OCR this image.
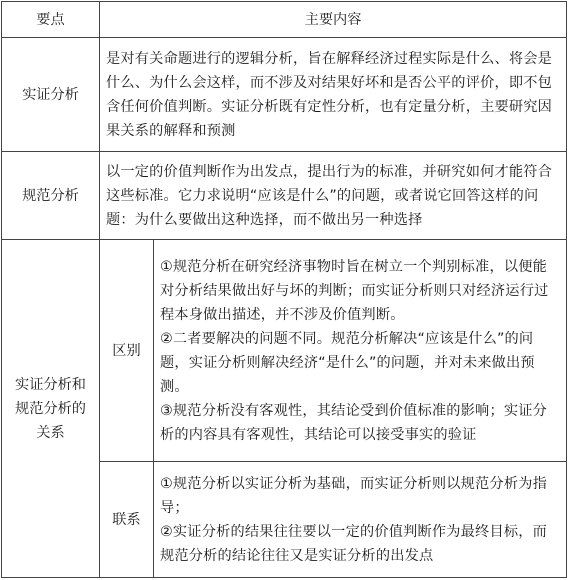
要点	主要内容	
实证分析	是对有关命题进行的逻辑分析，旨在解释经济过程实际是什么、将会是什么、为什么会这样，而不涉及对结果好坏和是否公平的评价，即不包含任何价值判断。实证分析既有定性分析，也有定量分析，主要研究因果关系的解释和预测	
规范分析	以一定的价值判断作为出发点，提出行为的标准，并研究如何才能符合这些标准。它力求说明“应该是什么”的问题，或者说它回答这样的问题：为什么要做出这种选择，而不做出另一种选择	
实证分析和规范分析的关系	区别	①规范分析在研究经济事物时旨在树立一个判别标准，以便能对分析结果做出好与坏的判断；而实证分析则只对经济运行过程本身做出描述，并不涉及价值判断。
②二者要解决的问题不同。规范分析解决“应该是什么”的问题，实证分析则解决经济“是什么”的问题，并对未来做出预测。
③规范分析没有客观性，其结论受到价值标准的影响；实证分析的内容具有客观性，其结论可以接受事实的验证

	联系	①规范分析以实证分析为基础，而实证分析则以规范分析为指导；
②实证分析的结果往往要以一定的价值判断作为最终目标，而规范分析的结论往往又是实证分析的出发点
